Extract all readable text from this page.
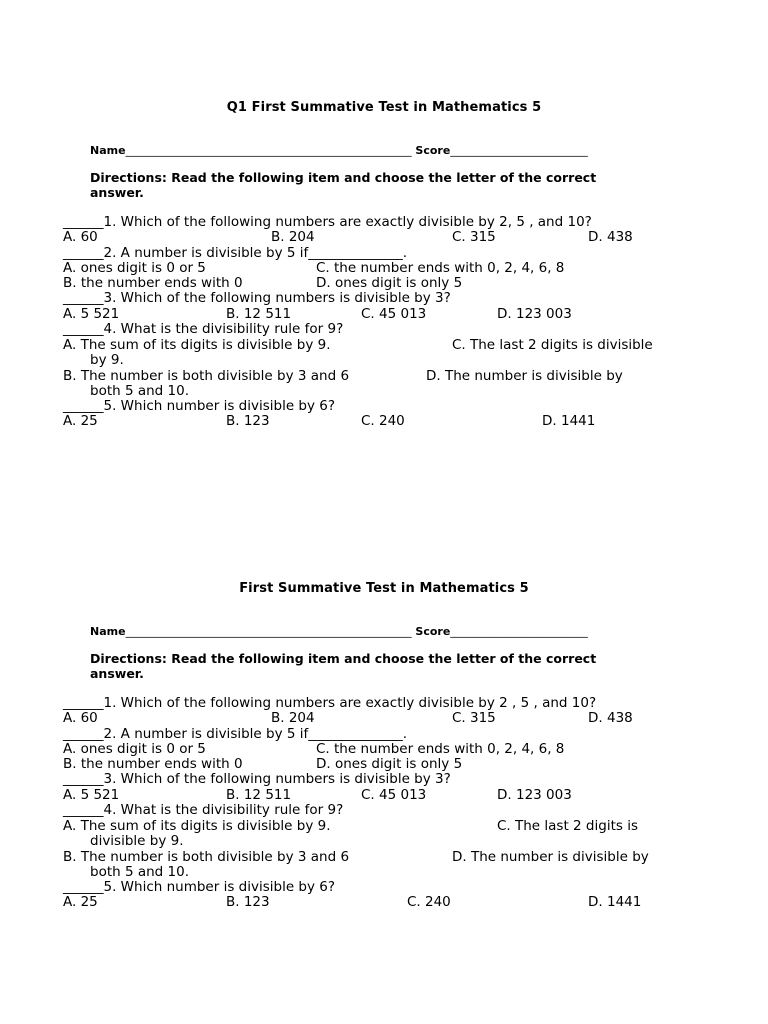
Q1 First Summative Test in Mathematics 5
Name____________________________________________________ Score_________________________
Directions: Read the following item and choose the letter of the correct
answer.
______1. Which of the following numbers are exactly divisible by 2, 5 , and 10?
A. 60	B. 204	C. 315	D. 438
______2. A number is divisible by 5 if______________.
A. ones digit is 0 or 5	C. the number ends with 0, 2, 4, 6, 8
B. the number ends with 0	D. ones digit is only 5
______3. Which of the following numbers is divisible by 3?
A. 5 521	B. 12 511	C. 45 013	D. 123 003
______4. What is the divisibility rule for 9?
A. The sum of its digits is divisible by 9.	C. The last 2 digits is divisible
by 9.
B. The number is both divisible by 3 and 6	D. The number is divisible by
both 5 and 10.
______5. Which number is divisible by 6?
A. 25	B. 123	C. 240	D. 1441
First Summative Test in Mathematics 5
Name____________________________________________________ Score_________________________
Directions: Read the following item and choose the letter of the correct
answer.
______1. Which of the following numbers are exactly divisible by 2 , 5 , and 10?
A. 60	B. 204	C. 315	D. 438
______2. A number is divisible by 5 if______________.
A. ones digit is 0 or 5	C. the number ends with 0, 2, 4, 6, 8
B. the number ends with 0	D. ones digit is only 5
______3. Which of the following numbers is divisible by 3?
A. 5 521	B. 12 511	C. 45 013	D. 123 003
______4. What is the divisibility rule for 9?
A. The sum of its digits is divisible by 9.	C. The last 2 digits is
divisible by 9.
B. The number is both divisible by 3 and 6	D. The number is divisible by
both 5 and 10.
______5. Which number is divisible by 6?
A. 25	B. 123	C. 240	D. 1441
